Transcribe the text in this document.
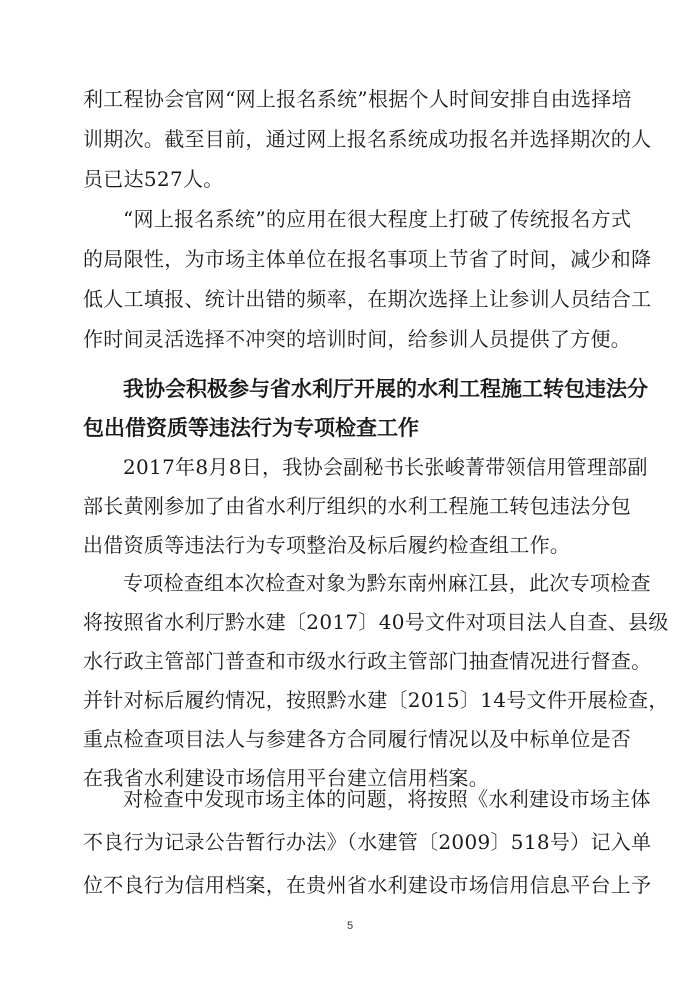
利工程协会官网“网上报名系统”根据个人时间安排自由选择培
训期次。截至目前，通过网上报名系统成功报名并选择期次的人
员已达527人。
“网上报名系统”的应用在很大程度上打破了传统报名方式
的局限性，为市场主体单位在报名事项上节省了时间，减少和降
低人工填报、统计出错的频率，在期次选择上让参训人员结合工
作时间灵活选择不冲突的培训时间，给参训人员提供了方便。
我协会积极参与省水利厅开展的水利工程施工转包违法分
包出借资质等违法行为专项检查工作
2017年8月8日，我协会副秘书长张峻菁带领信用管理部副
部长黄刚参加了由省水利厅组织的水利工程施工转包违法分包
出借资质等违法行为专项整治及标后履约检查组工作。
专项检查组本次检查对象为黔东南州麻江县，此次专项检查
将按照省水利厅黔水建〔2017〕40号文件对项目法人自查、县级
水行政主管部门普查和市级水行政主管部门抽查情况进行督查。
并针对标后履约情况，按照黔水建〔2015〕14号文件开展检查，
重点检查项目法人与参建各方合同履行情况以及中标单位是否
在我省水利建设市场信用平台建立信用档案。
对检查中发现市场主体的问题，将按照《水利建设市场主体
不良行为记录公告暂行办法》（水建管〔2009〕518号）记入单
位不良行为信用档案，在贵州省水利建设市场信用信息平台上予
5
